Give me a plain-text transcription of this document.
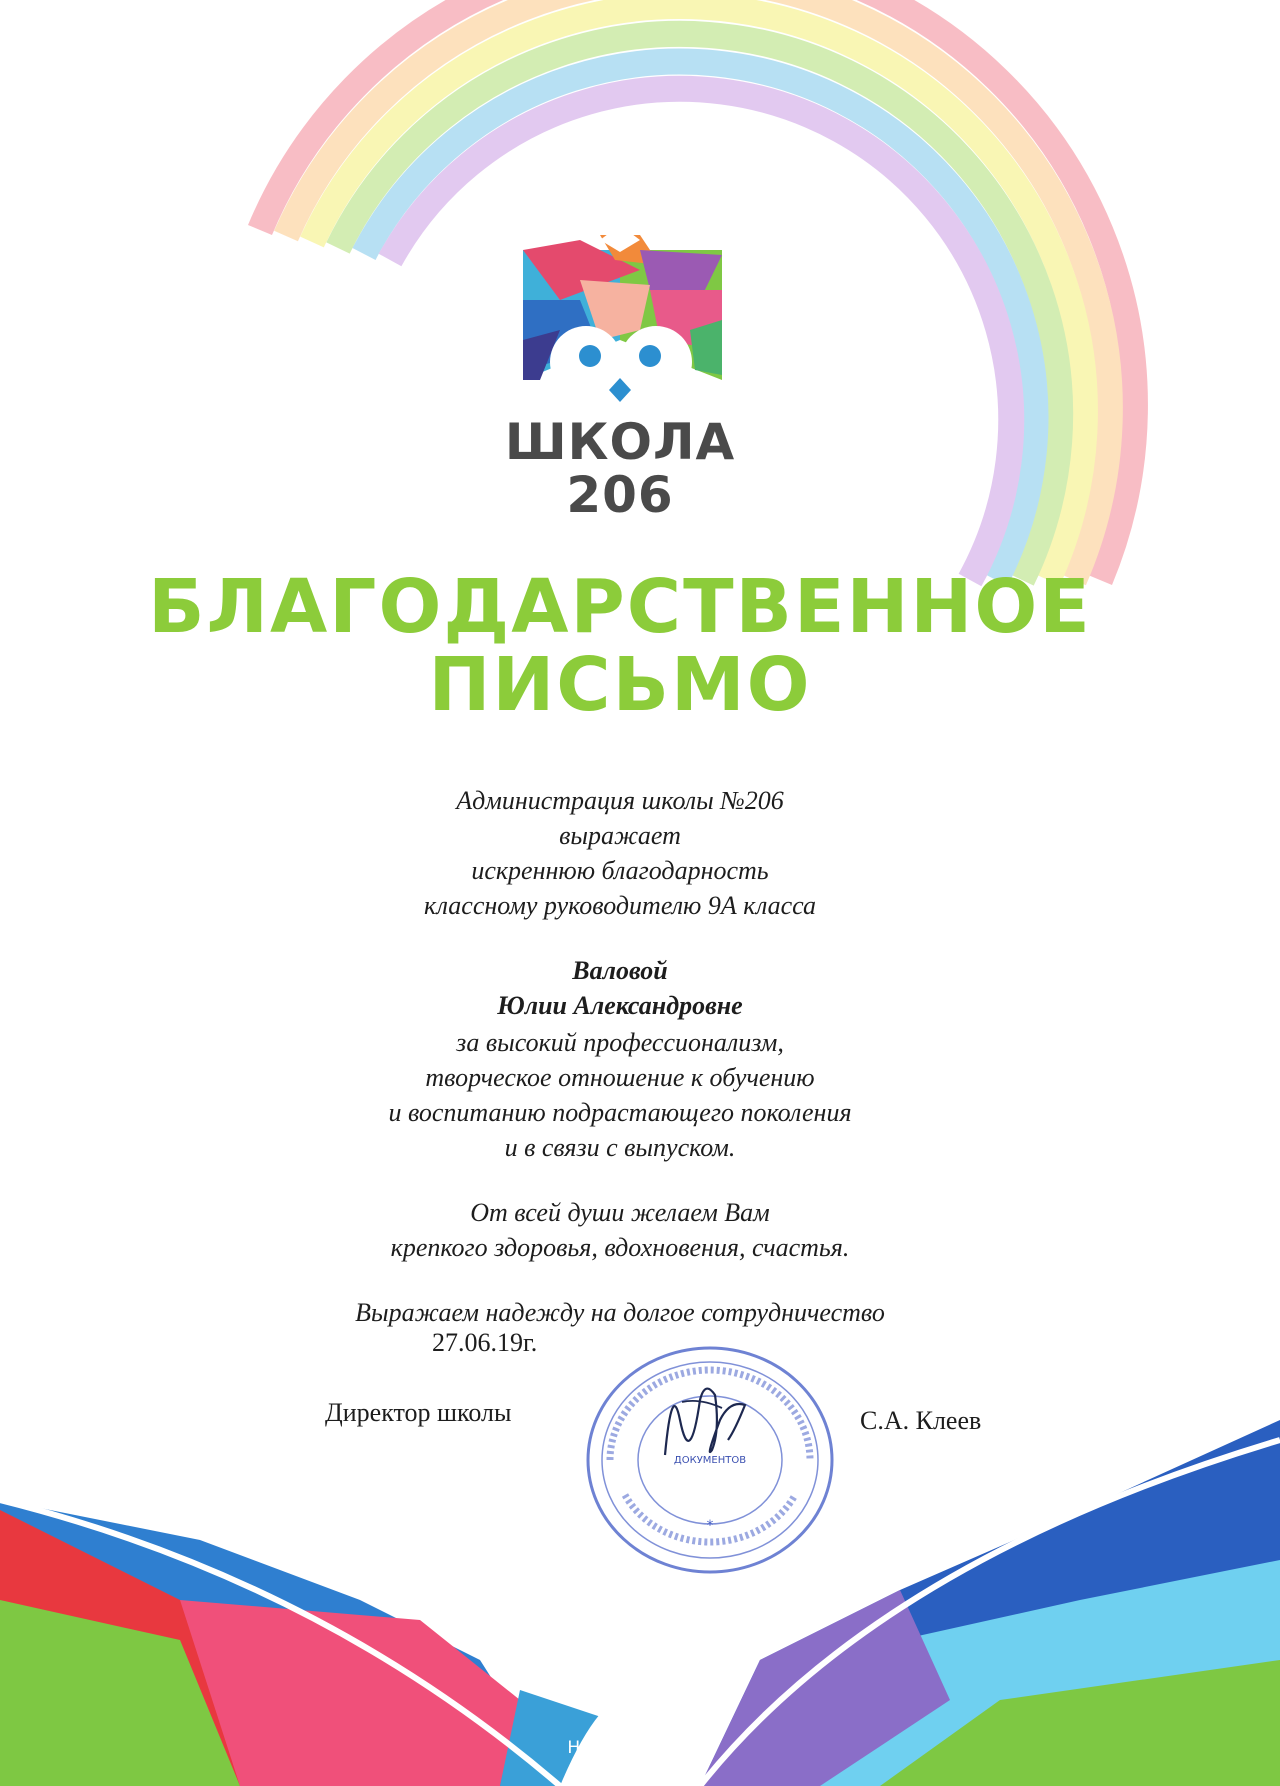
ШКОЛА
206
БЛАГОДАРСТВЕННОЕ
ПИСЬМО
Администрация школы №206
выражает
искреннюю благодарность
классному руководителю 9А класса
Валовой
Юлии Александровне
за высокий профессионализм,
творческое отношение к обучению
и воспитанию подрастающего поколения
и в связи с выпуском.
От всей души желаем Вам
крепкого здоровья, вдохновения, счастья.
Выражаем надежду на долгое сотрудничество
27.06.19г.
Директор школы	С.А. Клеев
НОВОСИБИРСК
*
ДОКУМЕНТОВ
